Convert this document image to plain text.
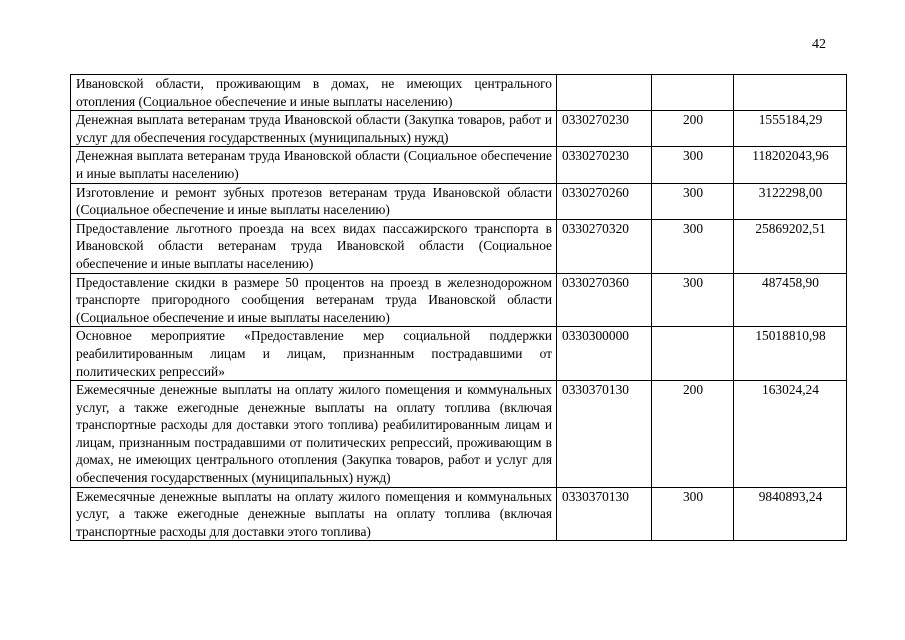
42
Ивановской области, проживающим в домах, не имеющих центрального отопления (Социальное обеспечение и иные выплаты населению)			
Денежная выплата ветеранам труда Ивановской области (Закупка товаров, работ и услуг для обеспечения государственных (муниципальных) нужд)	0330270230	200	1555184,29
Денежная выплата ветеранам труда Ивановской области (Социальное обеспечение и иные выплаты населению)	0330270230	300	118202043,96
Изготовление и ремонт зубных протезов ветеранам труда Ивановской области (Социальное обеспечение и иные выплаты населению)	0330270260	300	3122298,00
Предоставление льготного проезда на всех видах пассажирского транспорта в Ивановской области ветеранам труда Ивановской области (Социальное обеспечение и иные выплаты населению)	0330270320	300	25869202,51
Предоставление скидки в размере 50 процентов на проезд в железнодорожном транспорте пригородного сообщения ветеранам труда Ивановской области (Социальное обеспечение и иные выплаты населению)	0330270360	300	487458,90
Основное мероприятие «Предоставление мер социальной поддержки реабилитированным лицам и лицам, признанным пострадавшими от политических репрессий»	0330300000		15018810,98
Ежемесячные денежные выплаты на оплату жилого помещения и коммунальных услуг, а также ежегодные денежные выплаты на оплату топлива (включая транспортные расходы для доставки этого топлива) реабилитированным лицам и лицам, признанным пострадавшими от политических репрессий, проживающим в домах, не имеющих центрального отопления (Закупка товаров, работ и услуг для обеспечения государственных (муниципальных) нужд)	0330370130	200	163024,24
Ежемесячные денежные выплаты на оплату жилого помещения и коммунальных услуг, а также ежегодные денежные выплаты на оплату топлива (включая транспортные расходы для доставки этого топлива)	0330370130	300	9840893,24
